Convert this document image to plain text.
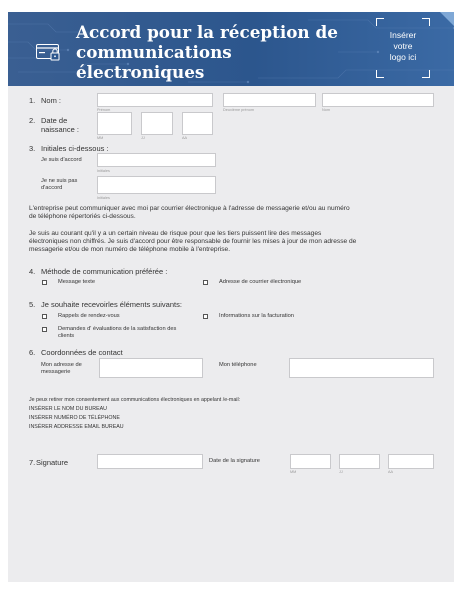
Accord pour la réception de
communications
électroniques
Insérer
votre
logo ici
1. Nom :
Prénom	Deuxième prénom	Nom
2. Date de
naissance :
MM	JJ	AA
3. Initiales ci-dessous :
Je suis d'accord
Initiales
Je ne suis pas
d'accord
Initiales
L'entreprise peut communiquer avec moi par courrier électronique à l'adresse de messagerie et/ou au numéro
de téléphone répertoriés ci-dessous.
Je suis au courant qu'il y a un certain niveau de risque pour que les tiers puissent lire des messages
électroniques non chiffrés. Je suis d'accord pour être responsable de fournir les mises à jour de mon adresse de
messagerie et/ou de mon numéro de téléphone mobile à l'entreprise.
4. Méthode de communication préférée :
Message texte	Adresse de courrier électronique
5. Je souhaite recevoirles éléments suivants:
Rappels de rendez-vous	Informations sur la facturation
Demandes d' évaluations de la satisfaction des
clients
6. Coordonnées de contact
Mon adresse de
messagerie
Mon téléphone
Je peux retirer mon consentement aux communications électroniques en appelant /e-mail:
INSÉRER LE NOM DU BUREAU
INSÉRER NUMÉRO DE TÉLÉPHONE
INSÉRER ADDRESSE EMAIL BUREAU
7. Signature	Date de la signature
MM	JJ	AA
